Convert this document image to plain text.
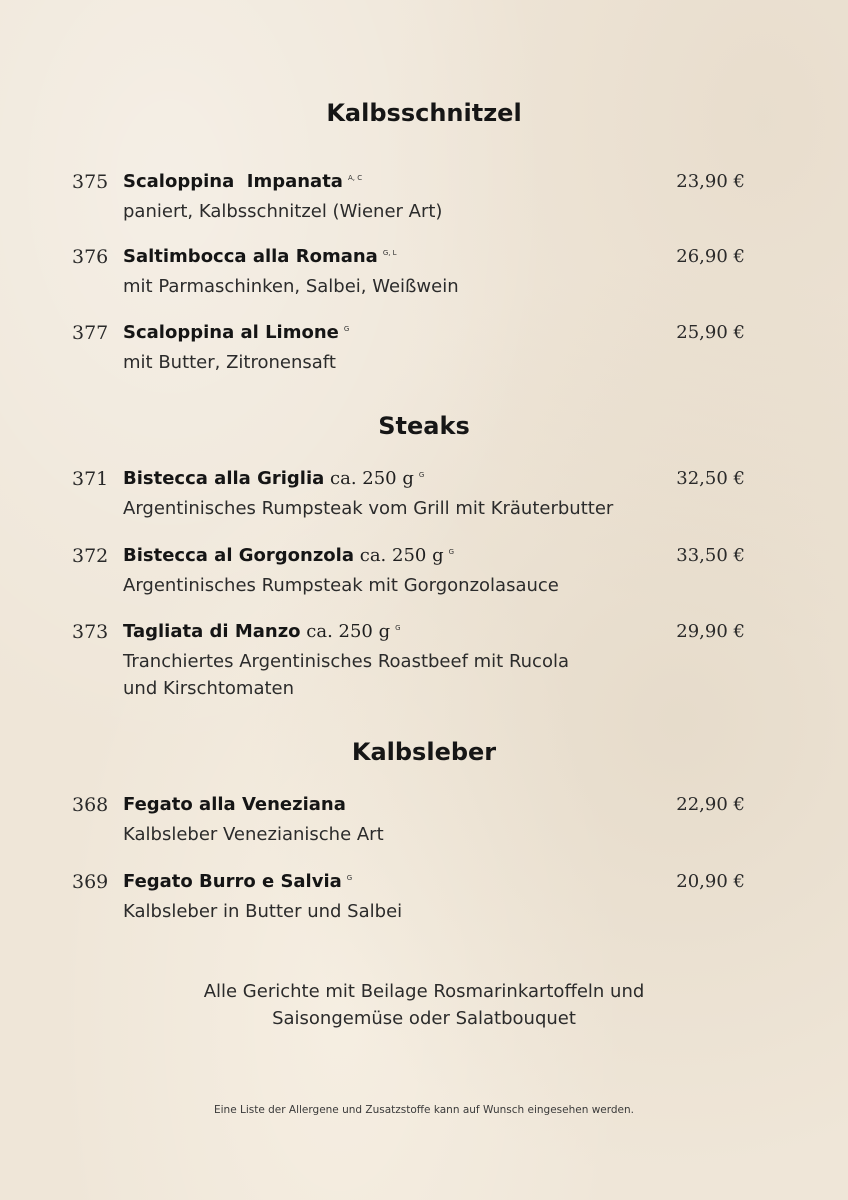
Kalbsschnitzel
375 Scaloppina  Impanata $^{A, C}$
paniert, Kalbsschnitzel (Wiener Art)
23,90 €
376 Saltimbocca alla Romana $^{G, L}$
mit Parmaschinken, Salbei, Weißwein
26,90 €
377 Scaloppina al Limone $^G$
mit Butter, Zitronensaft
25,90 €
Steaks
371 Bistecca alla Griglia ca. 250 g $^G$
Argentinisches Rumpsteak vom Grill mit Kräuterbutter
32,50 €
372 Bistecca al Gorgonzola ca. 250 g $^G$
Argentinisches Rumpsteak mit Gorgonzolasauce
33,50 €
373 Tagliata di Manzo ca. 250 g $^G$
Tranchiertes Argentinisches Roastbeef mit Rucola
und Kirschtomaten
29,90 €
Kalbsleber
368 Fegato alla Veneziana
Kalbsleber Venezianische Art
22,90 €
369 Fegato Burro e Salvia $^G$
Kalbsleber in Butter und Salbei
20,90 €
Alle Gerichte mit Beilage Rosmarinkartoffeln und
Saisongemüse oder Salatbouquet
Eine Liste der Allergene und Zusatzstoffe kann auf Wunsch eingesehen werden.
